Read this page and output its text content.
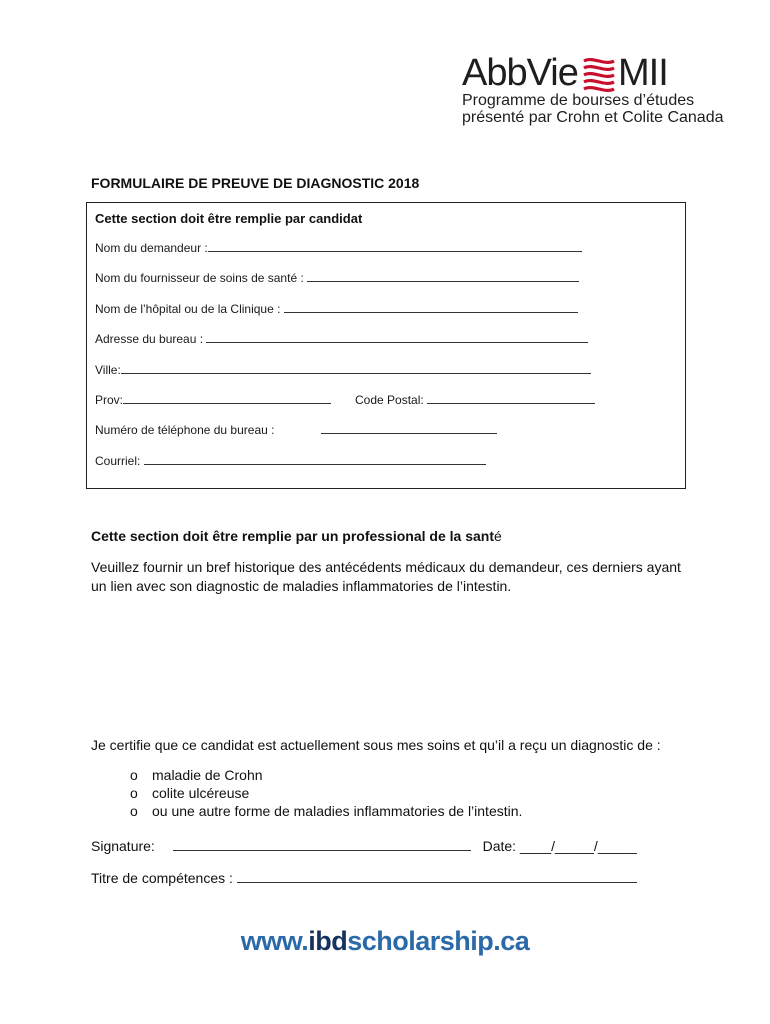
AbbVie MII
Programme de bourses d’études
présenté par Crohn et Colite Canada
FORMULAIRE DE PREUVE DE DIAGNOSTIC 2018
Cette section doit être remplie par candidat
Nom du demandeur :
Nom du fournisseur de soins de santé :
Nom de l’hôpital ou de la Clinique :
Adresse du bureau :
Ville:
Prov:	Code Postal:
Numéro de téléphone du bureau :
Courriel:
Cette section doit être remplie par un professional de la santé
Veuillez fournir un bref historique des antécédents médicaux du demandeur, ces derniers ayant un lien avec son diagnostic de maladies inflammatories de l’intestin.
Je certifie que ce candidat est actuellement sous mes soins et qu’il a reçu un diagnostic de :
o maladie de Crohn
o colite ulcéreuse
o ou une autre forme de maladies inflammatories de l’intestin.
Signature:	Date: ____/_____/_____
Titre de compétences :
www.ibdscholarship.ca
